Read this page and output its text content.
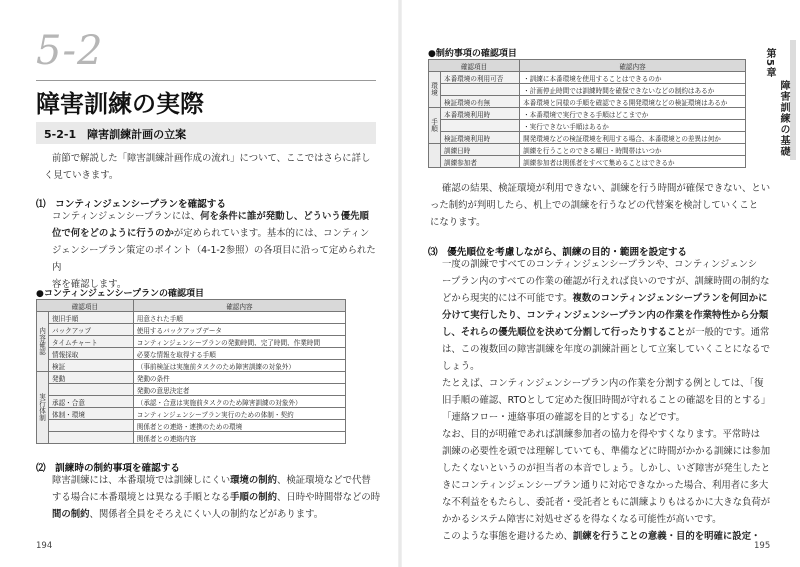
5-2
障害訓練の実際
5-2-1　障害訓練計画の立案
前節で解説した「障害訓練計画作成の流れ」について、ここではさらに詳し
く見ていきます。
⑴　コンティンジェンシープランを確認する
コンティンジェンシープランには、何を条件に誰が発動し、どういう優先順
位で何をどのように行うのかが定められています。基本的には、コンティン
ジェンシープラン策定のポイント（4-1-2参照）の各項目に沿って定められた内
容を確認します。
●コンティンジェンシープランの確認項目
確認項目		確認内容
内容確認	復旧手順	用意された手順
	バックアップ	使用するバックアップデータ
	タイムチャート	コンティンジェンシープランの発動時間、完了時間、作業時間
	情報採取	必要な情報を取得する手順
	検証	（事前検証は実施前タスクのため障害訓練の対象外）
実行体制	発動	発動の条件
		発動の意思決定者
	承認・合意	（承認・合意は実施前タスクのため障害訓練の対象外）
	体制・環境	コンティンジェンシープラン実行のための体制・契約
		関係者との連絡・連携のための環境
		関係者との連絡内容
⑵　訓練時の制約事項を確認する
障害訓練には、本番環境では訓練しにくい環境の制約、検証環境などで代替
する場合に本番環境とは異なる手順となる手順の制約、日時や時間帯などの時
間の制約、関係者全員をそろえにくい人の制約などがあります。
194
●制約事項の確認項目
確認項目		確認内容
環境	本番環境の利用可否	・訓練に本番環境を使用することはできるのか
		・計画停止時間では訓練時間を確保できないなどの制約はあるか
	検証環境の有無	本番環境と同様の手順を確認できる開発環境などの検証環境はあるか
手順	本番環境利用時	・本番環境で実行できる手順はどこまでか
		・実行できない手順はあるか
	検証環境利用時	開発環境などの検証環境を利用する場合、本番環境との差異は何か
	訓練日時	訓練を行うことのできる曜日・時間帯はいつか
	訓練参加者	訓練参加者は関係者をすべて集めることはできるか
確認の結果、検証環境が利用できない、訓練を行う時間が確保できない、とい
った制約が判明したら、机上での訓練を行うなどの代替案を検討していくこと
になります。
⑶　優先順位を考慮しながら、訓練の目的・範囲を設定する
一度の訓練ですべてのコンティンジェンシープランや、コンティンジェンシ
ープラン内のすべての作業の確認が行えれば良いのですが、訓練時間の制約な
どから現実的には不可能です。複数のコンティンジェンシープランを何回かに
分けて実行したり、コンティンジェンシープラン内の作業を作業特性から分類
し、それらの優先順位を決めて分割して行ったりすることが一般的です。通常
は、この複数回の障害訓練を年度の訓練計画として立案していくことになるで
しょう。
たとえば、コンティンジェンシープラン内の作業を分割する例としては、「復
旧手順の確認、RTOとして定めた復旧時間が守れることの確認を目的とする」
「連絡フロー・連絡事項の確認を目的とする」などです。
なお、目的が明確であれば訓練参加者の協力を得やすくなります。平常時は
訓練の必要性を頭では理解していても、準備などに時間がかかる訓練には参加
したくないというのが担当者の本音でしょう。しかし、いざ障害が発生したと
きにコンティンジェンシープラン通りに対応できなかった場合、利用者に多大
な不利益をもたらし、委託者・受託者ともに訓練よりもはるかに大きな負荷が
かかるシステム障害に対処せざるを得なくなる可能性が高いです。
このような事態を避けるため、訓練を行うことの意義・目的を明確に設定・
195
第5章
障害訓練の基礎
